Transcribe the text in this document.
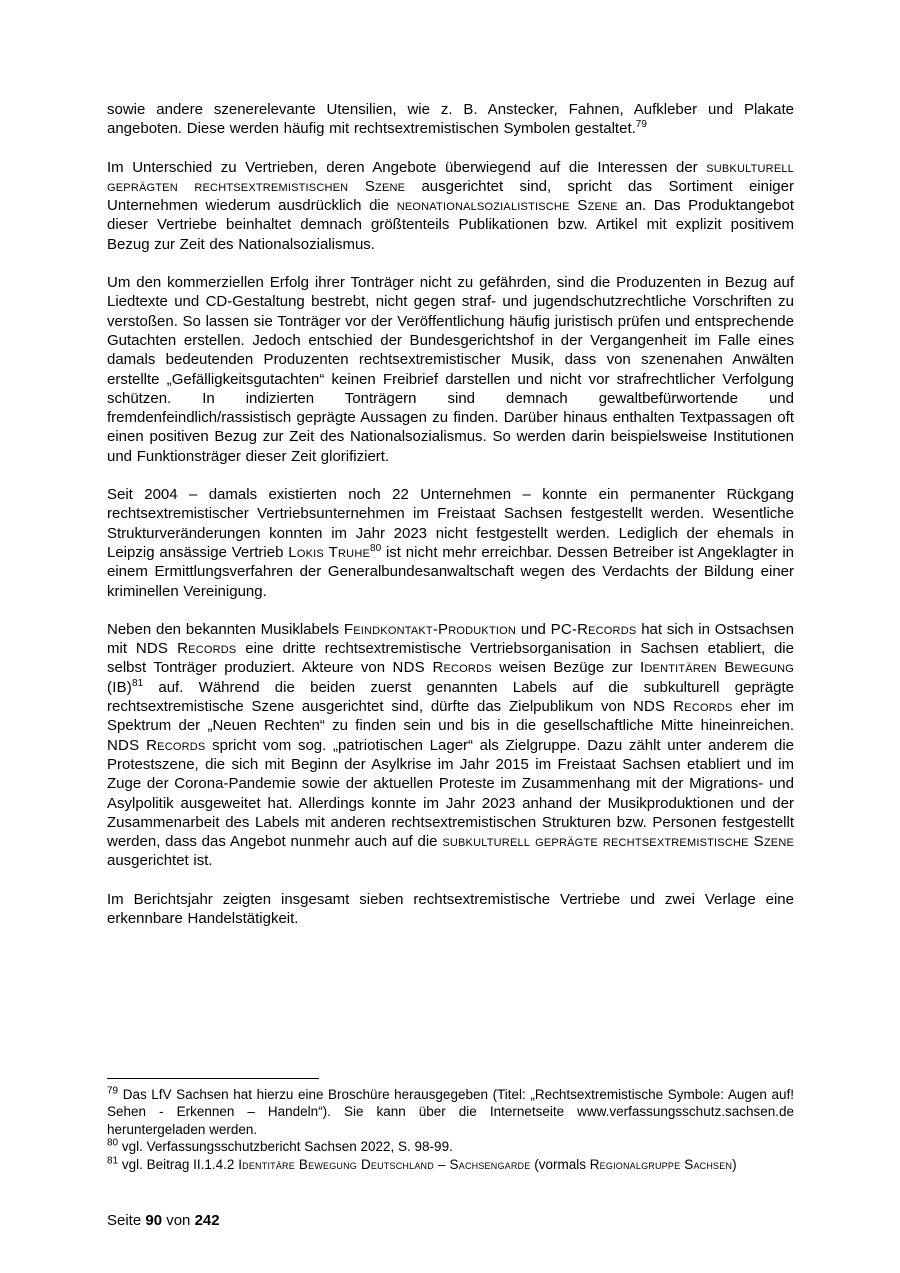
sowie andere szenerelevante Utensilien, wie z. B. Anstecker, Fahnen, Aufkleber und Plakate angeboten. Diese werden häufig mit rechtsextremistischen Symbolen gestaltet.$^{79}$

Im Unterschied zu Vertrieben, deren Angebote überwiegend auf die Interessen der subkulturell geprägten rechtsextremistischen Szene ausgerichtet sind, spricht das Sortiment einiger Unternehmen wiederum ausdrücklich die neonationalsozialistische Szene an. Das Produktangebot dieser Vertriebe beinhaltet demnach größtenteils Publikationen bzw. Artikel mit explizit positivem Bezug zur Zeit des Nationalsozialismus.

Um den kommerziellen Erfolg ihrer Tonträger nicht zu gefährden, sind die Produzenten in Bezug auf Liedtexte und CD-Gestaltung bestrebt, nicht gegen straf- und jugendschutzrechtliche Vorschriften zu verstoßen. So lassen sie Tonträger vor der Veröffentlichung häufig juristisch prüfen und entsprechende Gutachten erstellen. Jedoch entschied der Bundesgerichtshof in der Vergangenheit im Falle eines damals bedeutenden Produzenten rechtsextremistischer Musik, dass von szenenahen Anwälten erstellte „Gefälligkeitsgutachten“ keinen Freibrief darstellen und nicht vor strafrechtlicher Verfolgung schützen. In indizierten Tonträgern sind demnach gewaltbefürwortende und fremdenfeindlich/rassistisch geprägte Aussagen zu finden. Darüber hinaus enthalten Textpassagen oft einen positiven Bezug zur Zeit des Nationalsozialismus. So werden darin beispielsweise Institutionen und Funktionsträger dieser Zeit glorifiziert.

Seit 2004 – damals existierten noch 22 Unternehmen – konnte ein permanenter Rückgang rechtsextremistischer Vertriebsunternehmen im Freistaat Sachsen festgestellt werden. Wesentliche Strukturveränderungen konnten im Jahr 2023 nicht festgestellt werden. Lediglich der ehemals in Leipzig ansässige Vertrieb Lokis Truhe$^{80}$ ist nicht mehr erreichbar. Dessen Betreiber ist Angeklagter in einem Ermittlungsverfahren der Generalbundesanwaltschaft wegen des Verdachts der Bildung einer kriminellen Vereinigung.

Neben den bekannten Musiklabels Feindkontakt-Produktion und PC-Records hat sich in Ostsachsen mit NDS Records eine dritte rechtsextremistische Vertriebsorganisation in Sachsen etabliert, die selbst Tonträger produziert. Akteure von NDS Records weisen Bezüge zur Identitären Bewegung (IB)$^{81}$ auf. Während die beiden zuerst genannten Labels auf die subkulturell geprägte rechtsextremistische Szene ausgerichtet sind, dürfte das Zielpublikum von NDS Records eher im Spektrum der „Neuen Rechten“ zu finden sein und bis in die gesellschaftliche Mitte hineinreichen. NDS Records spricht vom sog. „patriotischen Lager“ als Zielgruppe. Dazu zählt unter anderem die Protestszene, die sich mit Beginn der Asylkrise im Jahr 2015 im Freistaat Sachsen etabliert und im Zuge der Corona-Pandemie sowie der aktuellen Proteste im Zusammenhang mit der Migrations- und Asylpolitik ausgeweitet hat. Allerdings konnte im Jahr 2023 anhand der Musikproduktionen und der Zusammenarbeit des Labels mit anderen rechtsextremistischen Strukturen bzw. Personen festgestellt werden, dass das Angebot nunmehr auch auf die subkulturell geprägte rechtsextremistische Szene ausgerichtet ist.

Im Berichtsjahr zeigten insgesamt sieben rechtsextremistische Vertriebe und zwei Verlage eine erkennbare Handelstätigkeit.

$^{79}$ Das LfV Sachsen hat hierzu eine Broschüre herausgegeben (Titel: „Rechtsextremistische Symbole: Augen auf! Sehen - Erkennen – Handeln“). Sie kann über die Internetseite www.verfassungsschutz.sachsen.de heruntergeladen werden.

$^{80}$ vgl. Verfassungsschutzbericht Sachsen 2022, S. 98-99.

$^{81}$ vgl. Beitrag II.1.4.2 Identitäre Bewegung Deutschland – Sachsengarde (vormals Regionalgruppe Sachsen)

Seite 90 von 242
